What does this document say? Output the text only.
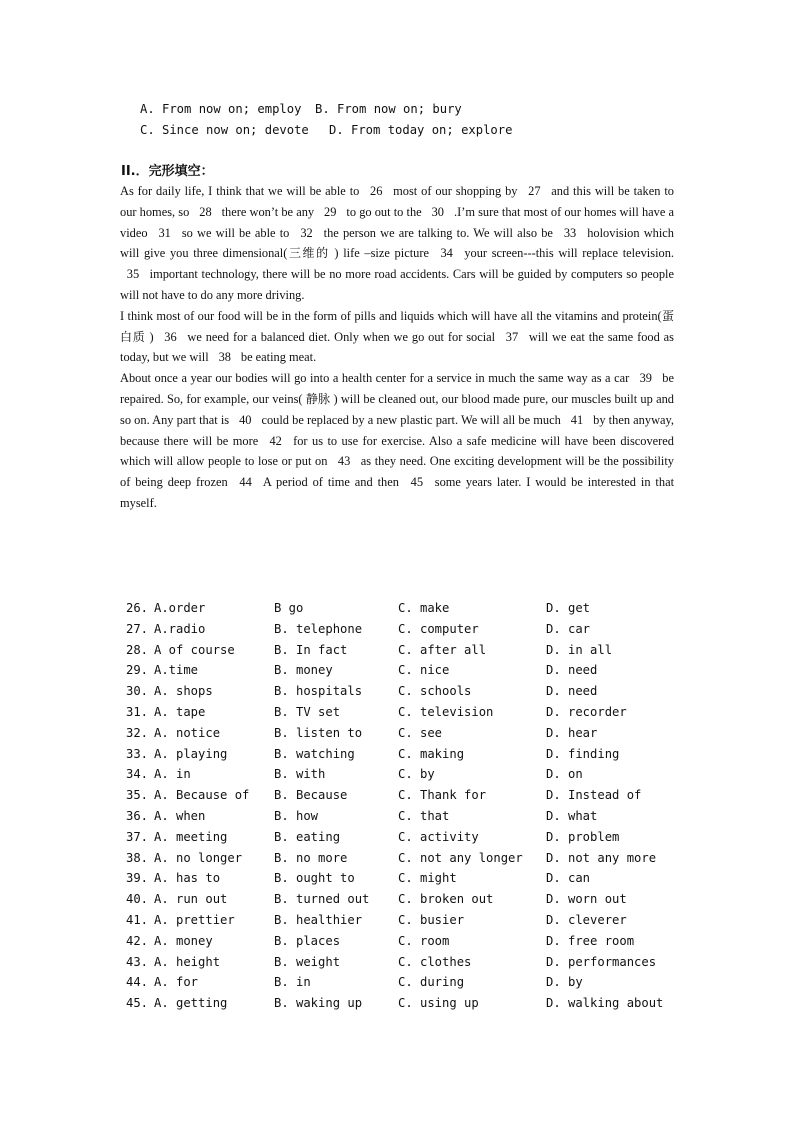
A. From now on; employ B. From now on; bury
C. Since now on; devote D. From today on; explore
II.．完形填空：

As for daily life, I think that we will be able to 26 most of our shopping by 27 and this will be taken to our homes, so 28 there won’t be any 29 to go out to the 30 .I’m sure that most of our homes will have a video 31 so we will be able to 32 the person we are talking to. We will also be 33 holovision which will give you three dimensional(三维的 ) life –size picture 34 your screen---this will replace television. 35 important technology, there will be no more road accidents. Cars will be guided by computers so people will not have to do any more driving.

I think most of our food will be in the form of pills and liquids which will have all the vitamins and protein(蛋白质 ) 36 we need for a balanced diet. Only when we go out for social 37 will we eat the same food as today, but we will 38 be eating meat.

About once a year our bodies will go into a health center for a service in much the same way as a car 39 be repaired. So, for example, our veins( 静脉 ) will be cleaned out, our blood made pure, our muscles built up and so on. Any part that is 40 could be replaced by a new plastic part. We will all be much 41 by then anyway, because there will be more 42 for us to use for exercise. Also a safe medicine will have been discovered which will allow people to lose or put on 43 as they need. One exciting development will be the possibility of being deep frozen 44 A period of time and then 45 some years later. I would be interested in that myself.

26. A.order	B go	C. make	D. get
27. A.radio	B. telephone	C. computer	D. car
28. A of course	B. In fact	C. after all	D. in all
29. A.time	B. money	C. nice	D. need
30. A. shops	B. hospitals	C. schools	D. need
31. A. tape	B. TV set	C. television	D. recorder
32. A. notice	B. listen to	C. see	D. hear
33. A. playing	B. watching	C. making	D. finding
34. A. in	B. with	C. by	D. on
35. A. Because of B. Because	C. Thank for	D. Instead of
36. A. when	B. how	C. that	D. what
37. A. meeting	B. eating	C. activity	D. problem
38. A. no longer	B. no more	C. not any longer D. not any more
39. A. has to	B. ought to	C. might	D. can
40. A. run out	B. turned out C. broken out	D. worn out
41. A. prettier	B. healthier	C. busier	D. cleverer
42. A. money	B. places	C. room	D. free room
43. A. height	B. weight	C. clothes	D. performances
44. A. for	B. in	C. during	D. by
45. A. getting	B. waking up	C. using up	D. walking about
